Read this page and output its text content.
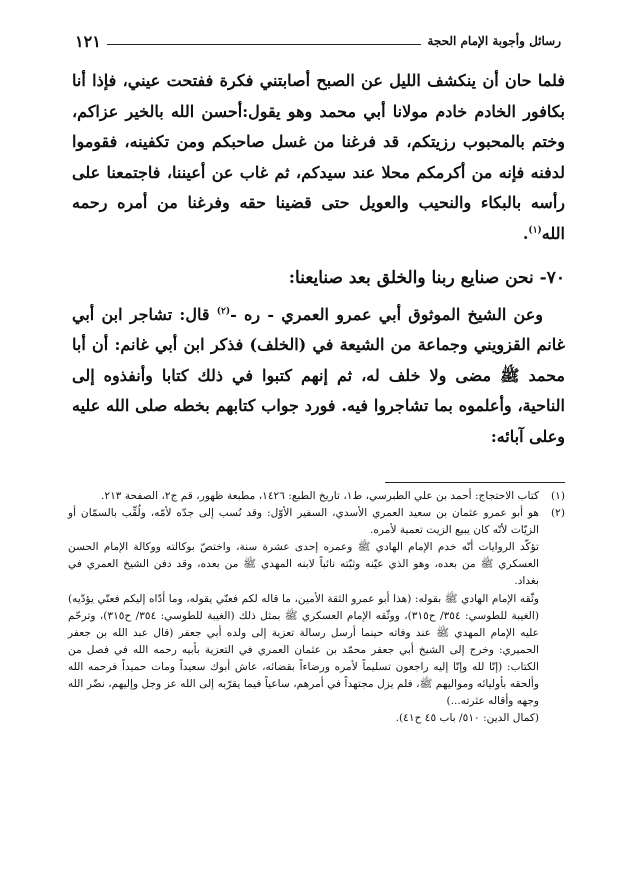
رسائل وأجوبة الإمام الحجة
١٢١

فلما حان أن ينكشف الليل عن الصبح أصابتني فكرة ففتحت عيني، فإذا أنا بكافور الخادم خادم مولانا أبي محمد وهو يقول:أحسن الله بالخير عزاكم، وختم بالمحبوب رزيتكم، قد فرغنا من غسل صاحبكم ومن تكفينه، فقوموا لدفنه فإنه من أكرمكم محلا عند سيدكم، ثم غاب عن أعيننا، فاجتمعنا على رأسه بالبكاء والنحيب والعويل حتى قضينا حقه وفرغنا من أمره رحمه الله$^{(١)}$.

٧٠- نحن صنايع ربنا والخلق بعد صنايعنا:

وعن الشيخ الموثوق أبي عمرو العمري - ره -$^{(٢)}$ قال: تشاجر ابن أبي غانم القزويني وجماعة من الشيعة في (الخلف) فذكر ابن أبي غانم: أن أبا محمد ﷺ مضى ولا خلف له، ثم إنهم كتبوا في ذلك كتابا وأنفذوه إلى الناحية، وأعلموه بما تشاجروا فيه. فورد جواب كتابهم بخطه صلى الله عليه وعلى آبائه:

(١)

كتاب الاحتجاج: أحمد بن علي الطبرسي، ط١، تاريخ الطبع: ١٤٢٦، مطبعة ظهور، قم ج٢، الصفحة ٢١٣.

(٢)

هو أبو عمرو عثمان بن سعيد العمري الأسدي، السفير الأوّل: وقد نُسب إلى جدّه لأمّه، ولُقِّب بالسمّان أو الزيّات لأنّه كان يبيع الزيت تعمية لأمره.

تؤكّد الروايات أنّه خدم الإمام الهادي ﷺ وعمره إحدى عشرة سنة، واختصّ بوكالته ووكالة الإمام الحسن العسكري ﷺ من بعده، وهو الذي عيّنه وثبّته نائباً لابنه المهدي ﷺ من بعده، وقد دفن الشيخ العمري في بغداد.

وثّقه الإمام الهادي ﷺ بقوله: (هذا أبو عمرو الثقة الأمين، ما قاله لكم فعنّي يقوله، وما أدّاه إليكم فعنّي يؤدّيه) (الغيبة للطوسي: ٣٥٤/ ح٣١٥)، ووثّقه الإمام العسكري ﷺ بمثل ذلك (الغيبة للطوسي: ٣٥٤/ ح٣١٥)، وترحّم عليه الإمام المهدي ﷺ عند وفاته حينما أرسل رسالة تعزية إلى ولده أبي جعفر (قال عبد الله بن جعفر الحميري: وخرج إلى الشيخ أبي جعفر محمّد بن عثمان العمري في التعزية بأبيه رحمه الله في فصل من الكتاب: (إنّا لله وإنّا إليه راجعون تسليماً لأمره ورضاءاً بقضائه، عاش أبوك سعيداً ومات حميداً فرحمه الله وألحقه بأوليائه ومواليهم ﷺ، فلم يزل مجتهداً في أمرهم، ساعياً فيما يقرّبه إلى الله عز وجل وإليهم، نضّر الله وجهه وأقاله عثرته...)

(كمال الدين: ٥١٠/ باب ٤٥ ح٤١).
